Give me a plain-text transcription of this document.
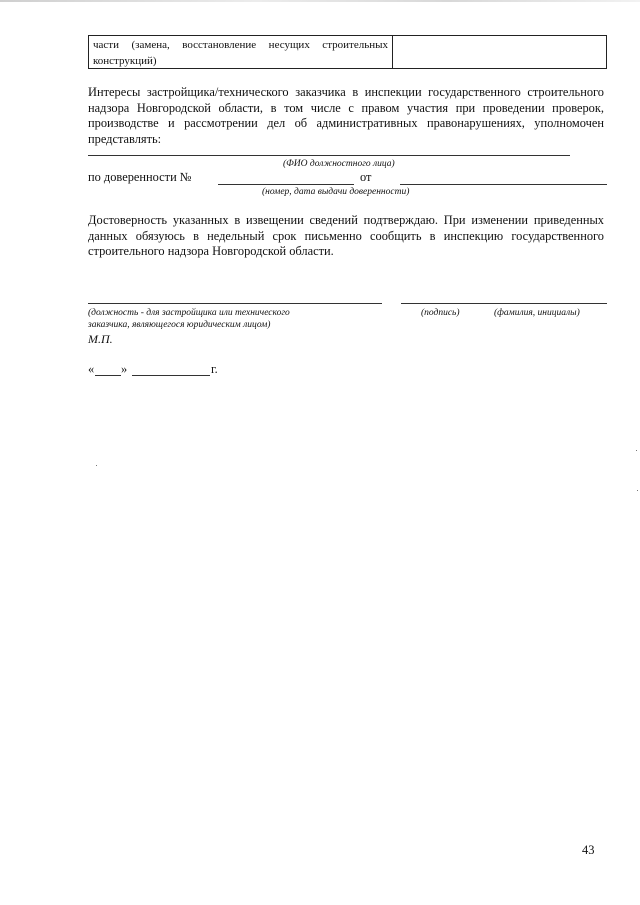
части (замена, восстановление несущих строительных конструкций)
Интересы застройщика/технического заказчика в инспекции государственного строительного надзора Новгородской области, в том числе с правом участия при проведении проверок, производстве и рассмотрении дел об административных правонарушениях, уполномочен представлять:
(ФИО должностного лица)
по доверенности №	от
(номер, дата выдачи доверенности)
Достоверность указанных в извещении сведений подтверждаю. При изменении приведенных данных обязуюсь в недельный срок письменно сообщить в инспекцию государственного строительного надзора Новгородской области.
(должность - для застройщика или технического
заказчика, являющегося юридическим лицом)
(подпись)	(фамилия, инициалы)
М.П.
« »	г.
43
